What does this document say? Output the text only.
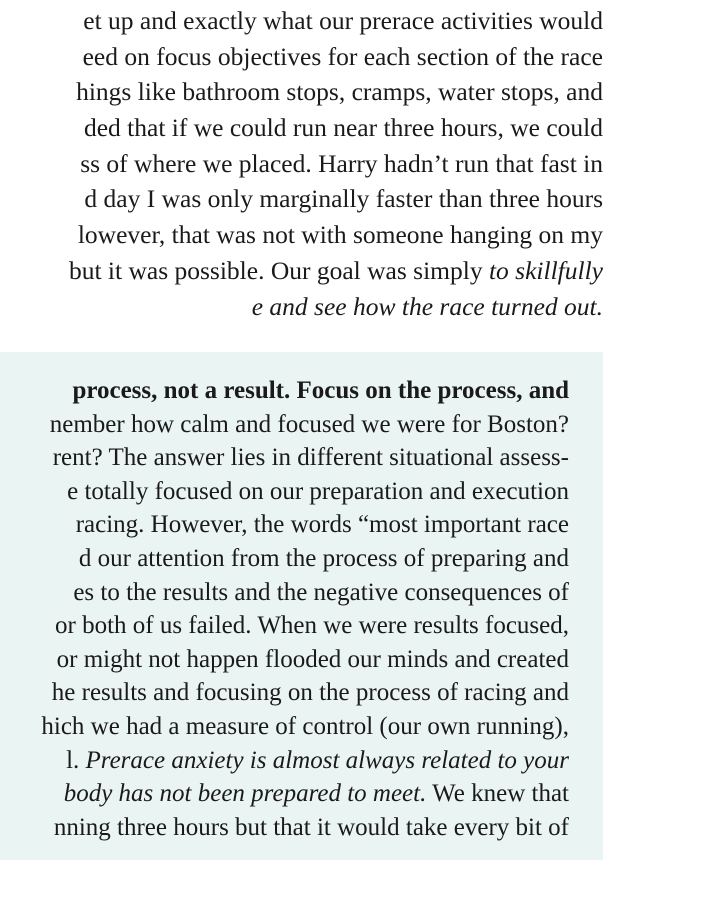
et up and exactly what our prerace activities would
eed on focus objectives for each section of the race
hings like bathroom stops, cramps, water stops, and
ded that if we could run near three hours, we could
ss of where we placed. Harry hadn’t run that fast in
d day I was only marginally faster than three hours
lowever, that was not with someone hanging on my
but it was possible. Our goal was simply to skillfully
e and see how the race turned out.
process, not a result. Focus on the process, and
nember how calm and focused we were for Boston?
rent? The answer lies in different situational assess-
e totally focused on our preparation and execution
racing. However, the words “most important race
d our attention from the process of preparing and
es to the results and the negative consequences of
or both of us failed. When we were results focused,
or might not happen flooded our minds and created
he results and focusing on the process of racing and
hich we had a measure of control (our own running),
l. Prerace anxiety is almost always related to your
body has not been prepared to meet. We knew that
nning three hours but that it would take every bit of
